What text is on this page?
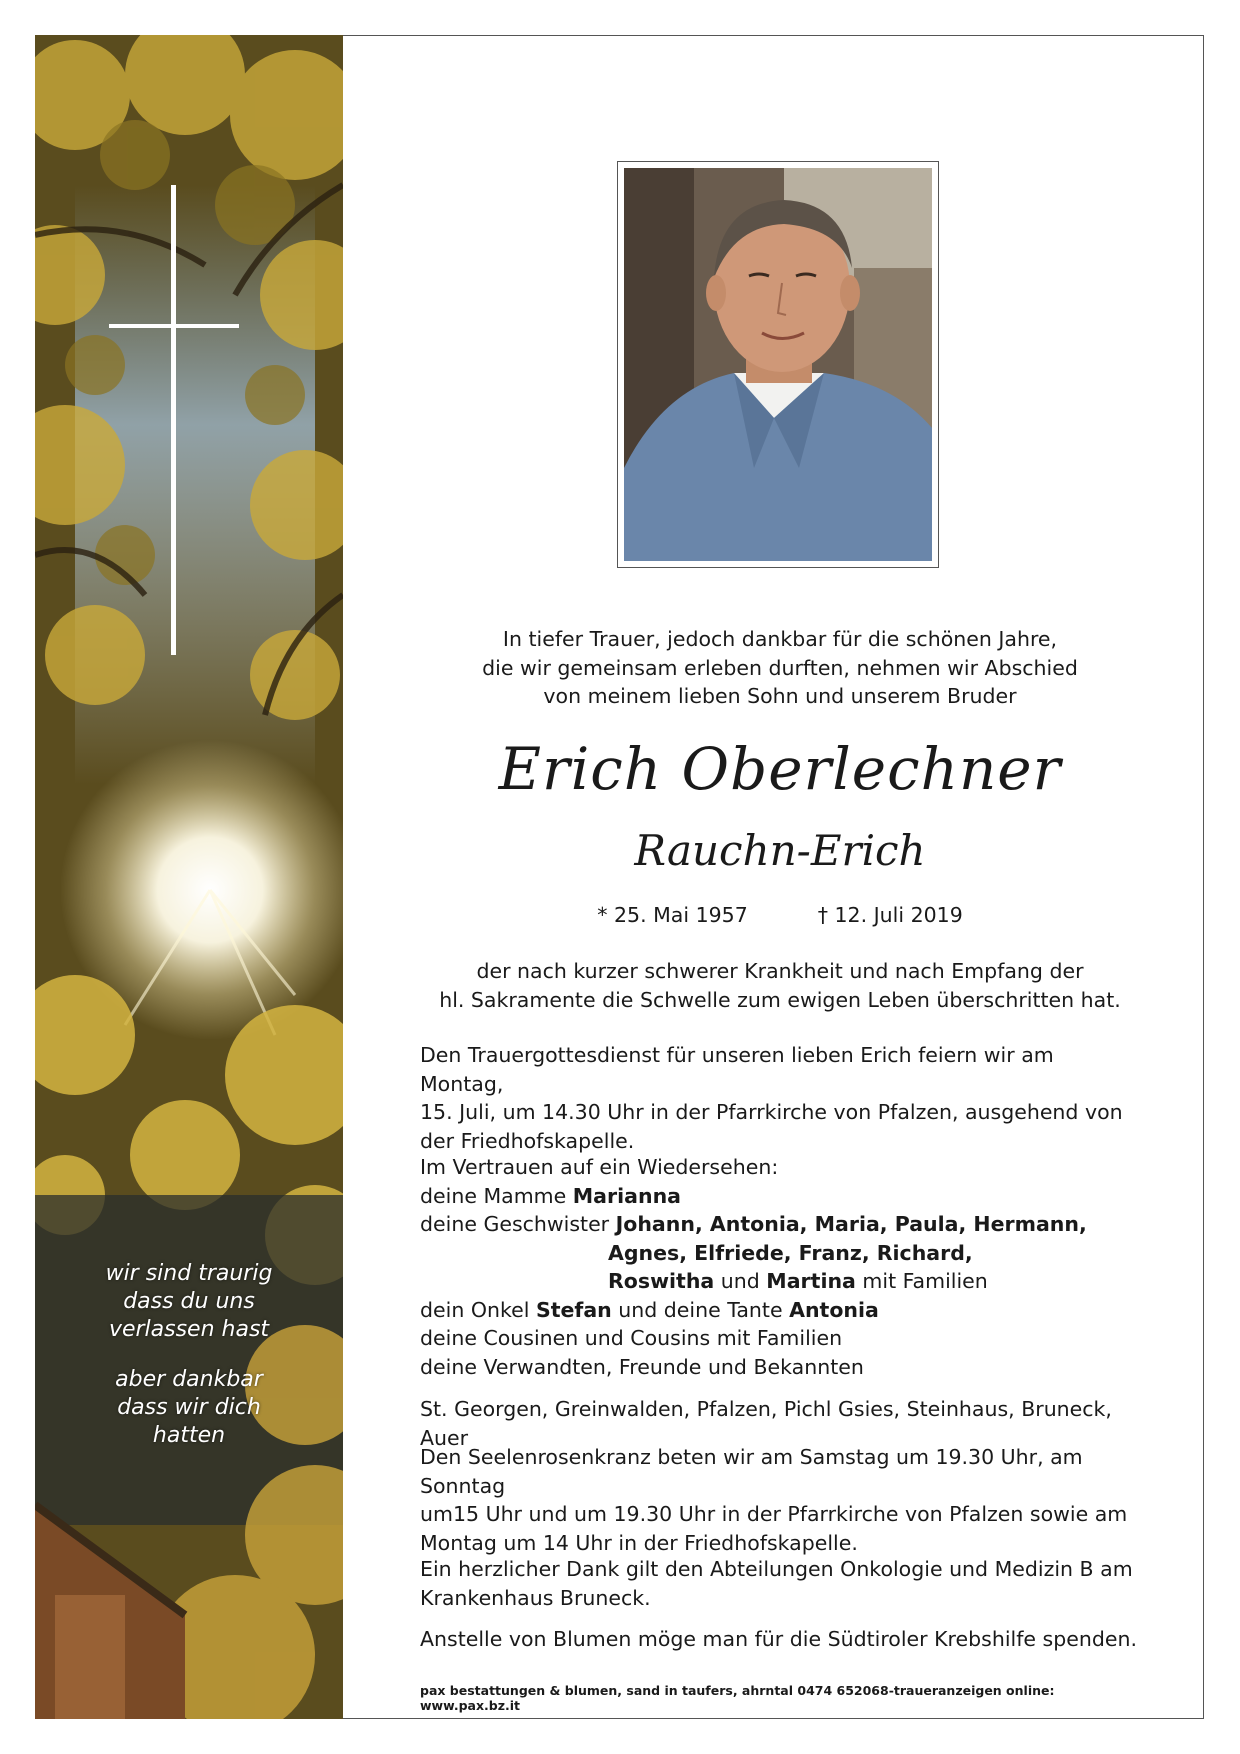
wir sind traurig
dass du uns
verlassen hast
aber dankbar
dass wir dich
hatten

In tiefer Trauer, jedoch dankbar für die schönen Jahre,

die wir gemeinsam erleben durften, nehmen wir Abschied

von meinem lieben Sohn und unserem Bruder

Erich Oberlechner
Rauchn-Erich
* 25. Mai 1957	† 12. Juli 2019

der nach kurzer schwerer Krankheit und nach Empfang der

hl. Sakramente die Schwelle zum ewigen Leben überschritten hat.

Den Trauergottesdienst für unseren lieben Erich feiern wir am Montag,

15. Juli, um 14.30 Uhr in der Pfarrkirche von Pfalzen, ausgehend von

der Friedhofskapelle.

Im Vertrauen auf ein Wiedersehen:

deine Mamme Marianna

deine Geschwister Johann, Antonia, Maria, Paula, Hermann,

Agnes, Elfriede, Franz, Richard,

Roswitha und Martina mit Familien

dein Onkel Stefan und deine Tante Antonia

deine Cousinen und Cousins mit Familien

deine Verwandten, Freunde und Bekannten

St. Georgen, Greinwalden, Pfalzen, Pichl Gsies, Steinhaus, Bruneck, Auer

Den Seelenrosenkranz beten wir am Samstag um 19.30 Uhr, am Sonntag

um15 Uhr und um 19.30 Uhr in der Pfarrkirche von Pfalzen sowie am

Montag um 14 Uhr in der Friedhofskapelle.

Ein herzlicher Dank gilt den Abteilungen Onkologie und Medizin B am

Krankenhaus Bruneck.

Anstelle von Blumen möge man für die Südtiroler Krebshilfe spenden.

pax bestattungen & blumen, sand in taufers, ahrntal 0474 652068-traueranzeigen online: www.pax.bz.it
